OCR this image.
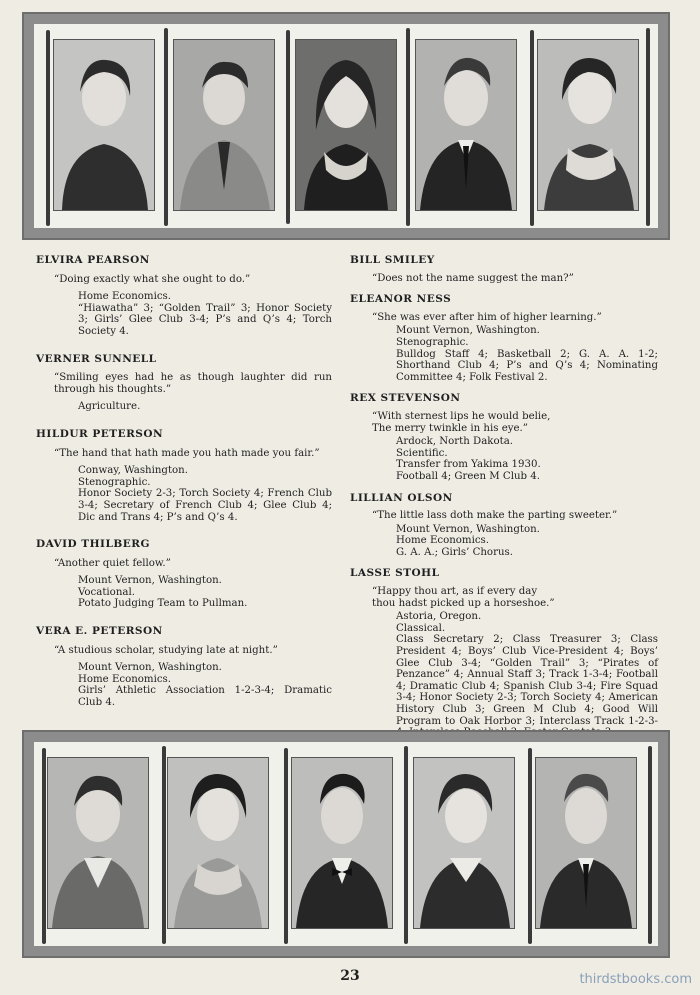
ELVIRA PEARSON
“Doing exactly what she ought to do.”
Home Economics.
“Hiawatha” 3; “Golden Trail” 3; Honor Society 3; Girls’ Glee Club 3-4; P’s and Q’s 4; Torch Society 4.
VERNER SUNNELL
“Smiling eyes had he as though laughter did run through his thoughts.”
Agriculture.
HILDUR PETERSON
“The hand that hath made you hath made you fair.”
Conway, Washington.
Stenographic.
Honor Society 2-3; Torch Society 4; French Club 3-4; Secretary of French Club 4; Glee Club 4; Dic and Trans 4; P’s and Q’s 4.
DAVID THILBERG
“Another quiet fellow.”
Mount Vernon, Washington.
Vocational.
Potato Judging Team to Pullman.
VERA E. PETERSON
“A studious scholar, studying late at night.”
Mount Vernon, Washington.
Home Economics.
Girls’ Athletic Association 1-2-3-4; Dramatic Club 4.
BILL SMILEY
“Does not the name suggest the man?”
ELEANOR NESS
“She was ever after him of higher learning.”
Mount Vernon, Washington.
Stenographic.
Bulldog Staff 4; Basketball 2; G. A. A. 1-2; Shorthand Club 4; P’s and Q’s 4; Nominating Committee 4; Folk Festival 2.
REX STEVENSON
“With sternest lips he would belie,
The merry twinkle in his eye.”
Ardock, North Dakota.
Scientific.
Transfer from Yakima 1930.
Football 4; Green M Club 4.
LILLIAN OLSON
“The little lass doth make the parting sweeter.”
Mount Vernon, Washington.
Home Economics.
G. A. A.; Girls’ Chorus.
LASSE STOHL
“Happy thou art, as if every day
thou hadst picked up a horseshoe.”
Astoria, Oregon.
Classical.
Class Secretary 2; Class Treasurer 3; Class President 4; Boys’ Club Vice-President 4; Boys’ Glee Club 3-4; “Golden Trail” 3; “Pirates of Penzance” 4; Annual Staff 3; Track 1-3-4; Football 4; Dramatic Club 4; Spanish Club 3-4; Fire Squad 3-4; Honor Society 2-3; Torch Society 4; American History Club 3; Green M Club 4; Good Will Program to Oak Horbor 3; Interclass Track 1-2-3-
23	thirdstbooks.com
